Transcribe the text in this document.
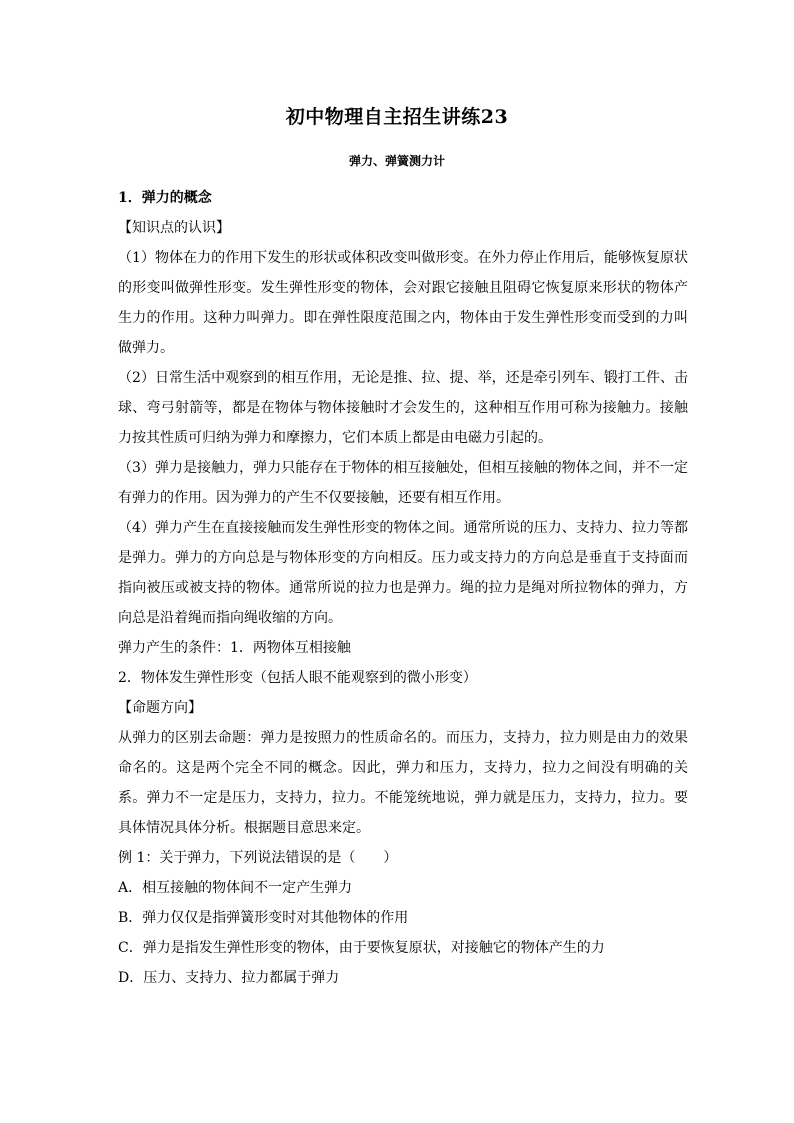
初中物理自主招生讲练23
弹力、弹簧测力计

1．弹力的概念

【知识点的认识】

（1）物体在力的作用下发生的形状或体积改变叫做形变。在外力停止作用后，能够恢复原状的形变叫做弹性形变。发生弹性形变的物体，会对跟它接触且阻碍它恢复原来形状的物体产生力的作用。这种力叫弹力。即在弹性限度范围之内，物体由于发生弹性形变而受到的力叫做弹力。

（2）日常生活中观察到的相互作用，无论是推、拉、提、举，还是牵引列车、锻打工件、击球、弯弓射箭等，都是在物体与物体接触时才会发生的，这种相互作用可称为接触力。接触力按其性质可归纳为弹力和摩擦力，它们本质上都是由电磁力引起的。

（3）弹力是接触力，弹力只能存在于物体的相互接触处，但相互接触的物体之间，并不一定有弹力的作用。因为弹力的产生不仅要接触，还要有相互作用。

（4）弹力产生在直接接触而发生弹性形变的物体之间。通常所说的压力、支持力、拉力等都是弹力。弹力的方向总是与物体形变的方向相反。压力或支持力的方向总是垂直于支持面而指向被压或被支持的物体。通常所说的拉力也是弹力。绳的拉力是绳对所拉物体的弹力，方向总是沿着绳而指向绳收缩的方向。

弹力产生的条件：1．两物体互相接触

2．物体发生弹性形变（包括人眼不能观察到的微小形变）

【命题方向】

从弹力的区别去命题：弹力是按照力的性质命名的。而压力，支持力，拉力则是由力的效果命名的。这是两个完全不同的概念。因此，弹力和压力，支持力，拉力之间没有明确的关系。弹力不一定是压力，支持力，拉力。不能笼统地说，弹力就是压力，支持力，拉力。要具体情况具体分析。根据题目意思来定。

例 1：关于弹力，下列说法错误的是（　　）

A．相互接触的物体间不一定产生弹力

B．弹力仅仅是指弹簧形变时对其他物体的作用

C．弹力是指发生弹性形变的物体，由于要恢复原状，对接触它的物体产生的力

D．压力、支持力、拉力都属于弹力
